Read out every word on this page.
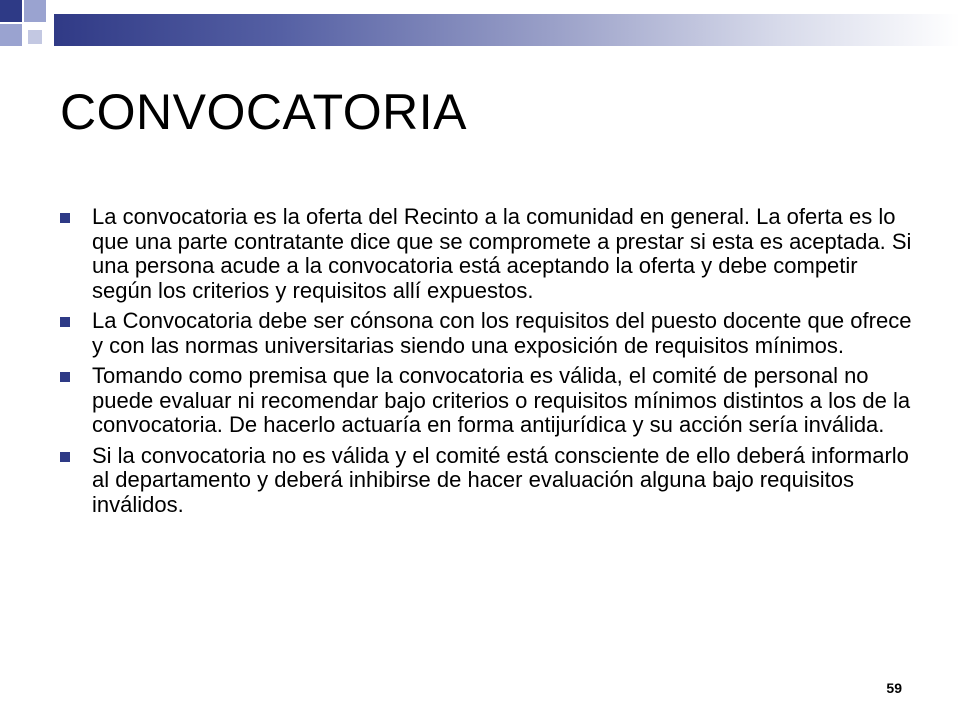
CONVOCATORIA
La convocatoria es la oferta del Recinto a la comunidad en general. La oferta es lo que una parte contratante dice que se compromete a prestar si esta es aceptada. Si una persona acude a la convocatoria está aceptando la oferta y debe competir según los criterios y requisitos allí expuestos.
La Convocatoria debe ser cónsona con los requisitos del puesto docente que ofrece y con las normas universitarias siendo una exposición de requisitos mínimos.
Tomando como premisa que la convocatoria es válida, el comité de personal no puede evaluar ni recomendar bajo criterios o requisitos mínimos distintos a los de la convocatoria. De hacerlo actuaría en forma antijurídica y su acción sería inválida.
Si la convocatoria no es válida y el comité está consciente de ello deberá informarlo al departamento y deberá inhibirse de hacer evaluación alguna bajo requisitos inválidos.
59
